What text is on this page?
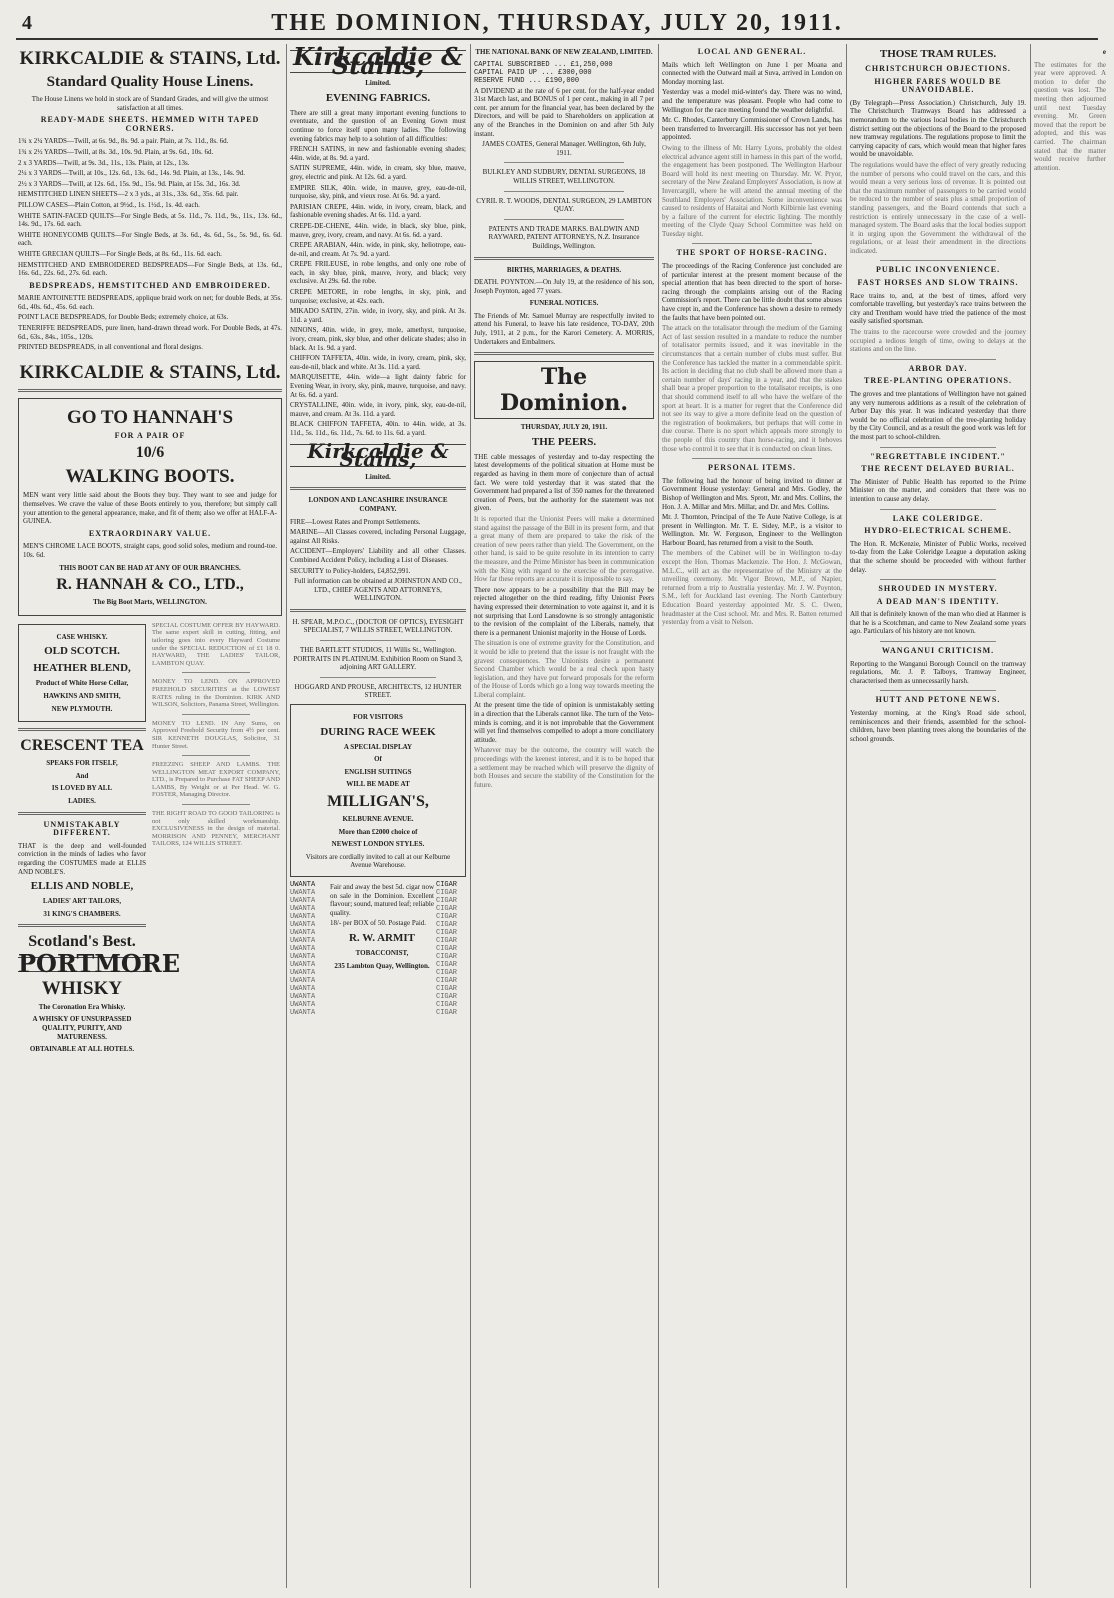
4	THE DOMINION, THURSDAY, JULY 20, 1911.
KIRKCALDIE & STAINS, Ltd.
Standard Quality House Linens.

The House Linens we hold in stock are of Standard Grades, and will give the utmost satisfaction at all times.

READY-MADE SHEETS. HEMMED WITH TAPED CORNERS.

1¾ x 2¼ YARDS—Twill, at 6s. 9d., 8s. 9d. a pair. Plain, at 7s. 11d., 8s. 6d.

1¾ x 2½ YARDS—Twill, at 8s. 3d., 10s. 9d. Plain, at 9s. 6d., 10s. 6d.

2 x 3 YARDS—Twill, at 9s. 3d., 11s., 13s. Plain, at 12s., 13s.

2¼ x 3 YARDS—Twill, at 10s., 12s. 6d., 13s. 6d., 14s. 9d. Plain, at 13s., 14s. 9d.

2½ x 3 YARDS—Twill, at 12s. 6d., 15s. 9d., 15s. 9d. Plain, at 15s. 3d., 16s. 3d.

HEMSTITCHED LINEN SHEETS—2 x 3 yds., at 31s., 33s. 6d., 35s. 6d. pair.

PILLOW CASES—Plain Cotton, at 9½d., 1s. 1½d., 1s. 4d. each.

WHITE SATIN-FACED QUILTS—For Single Beds, at 5s. 11d., 7s. 11d., 9s., 11s., 13s. 6d., 14s. 9d., 17s. 6d. each.

WHITE HONEYCOMB QUILTS—For Single Beds, at 3s. 6d., 4s. 6d., 5s., 5s. 9d., 6s. 6d. each.

WHITE GRECIAN QUILTS—For Single Beds, at 8s. 6d., 11s. 6d. each.

HEMSTITCHED AND EMBROIDERED BEDSPREADS—For Single Beds, at 13s. 6d., 16s. 6d., 22s. 6d., 27s. 6d. each.

BEDSPREADS, HEMSTITCHED AND EMBROIDERED.

MARIE ANTOINETTE BEDSPREADS, applique braid work on net; for double Beds, at 35s. 6d., 40s. 6d., 45s. 6d. each.

POINT LACE BEDSPREADS, for Double Beds; extremely choice, at 63s.

TENERIFFE BEDSPREADS, pure linen, hand-drawn thread work. For Double Beds, at 47s. 6d., 63s., 84s., 105s., 120s.

PRINTED BEDSPREADS, in all conventional and floral designs.

KIRKCALDIE & STAINS, Ltd.
GO TO HANNAH'S
FOR A PAIR OF
10/6
WALKING BOOTS.

MEN want very little said about the Boots they buy. They want to see and judge for themselves. We crave the value of these Boots entirely to you, therefore; but simply call your attention to the general appearance, make, and fit of them; also we offer at HALF-A-GUINEA.

EXTRAORDINARY VALUE.

MEN'S CHROME LACE BOOTS, straight caps, good solid soles, medium and round-toe. 10s. 6d.

THIS BOOT CAN BE HAD AT ANY OF OUR BRANCHES.
R. HANNAH & CO., LTD.,
The Big Boot Marts, WELLINGTON.
CASE WHISKY.
OLD SCOTCH.
HEATHER BLEND,
Product of White Horse Cellar,
HAWKINS AND SMITH,
NEW PLYMOUTH.
CRESCENT TEA
SPEAKS FOR ITSELF,
And
IS LOVED BY ALL
LADIES.
UNMISTAKABLY DIFFERENT.

THAT is the deep and well-founded conviction in the minds of ladies who favor regarding the COSTUMES made at ELLIS AND NOBLE'S.

ELLIS AND NOBLE,
LADIES' ART TAILORS,
31 KING'S CHAMBERS.
Scotland's Best.
PORTMORE
WHISKY
The Coronation Era Whisky.
A WHISKY OF UNSURPASSED QUALITY, PURITY, AND MATURENESS.
OBTAINABLE AT ALL HOTELS.

SPECIAL COSTUME OFFER BY HAYWARD. The same expert skill in cutting, fitting, and tailoring goes into every Hayward Costume under the SPECIAL REDUCTION of £1 18 0. HAYWARD, THE LADIES' TAILOR, LAMBTON QUAY.

MONEY TO LEND. ON APPROVED FREEHOLD SECURITIES at the LOWEST RATES ruling in the Dominion. KIRK AND WILSON, Solicitors, Panama Street, Wellington.

MONEY TO LEND. IN Any Sums, on Approved Freehold Security from 4½ per cent. SIR KENNETH DOUGLAS, Solicitor, 31 Hunter Street.

FREEZING SHEEP AND LAMBS. THE WELLINGTON MEAT EXPORT COMPANY, LTD., is Prepared to Purchase FAT SHEEP AND LAMBS, By Weight or at Per Head. W. G. FOSTER, Managing Director.

THE RIGHT ROAD TO GOOD TAILORING is not only skilled workmanship. EXCLUSIVENESS in the design of material. MORRISON AND PENNEY, MERCHANT TAILORS, 124 WILLIS STREET.

Kirkcaldie & Stains,
Limited.
EVENING FABRICS.

There are still a great many important evening functions to eventuate, and the question of an Evening Gown must continue to force itself upon many ladies. The following evening fabrics may help to a solution of all difficulties:

FRENCH SATINS, in new and fashionable evening shades; 44in. wide, at 8s. 9d. a yard.

SATIN SUPREME, 44in. wide, in cream, sky blue, mauve, grey, electric and pink. At 12s. 6d. a yard.

EMPIRE SILK, 40in. wide, in mauve, grey, eau-de-nil, turquoise, sky, pink, and vieux rose. At 6s. 9d. a yard.

PARISIAN CREPE, 44in. wide, in ivory, cream, black, and fashionable evening shades. At 6s. 11d. a yard.

CREPE-DE-CHENE, 44in. wide, in black, sky blue, pink, mauve, grey, ivory, cream, and navy. At 6s. 6d. a yard.

CREPE ARABIAN, 44in. wide, in pink, sky, heliotrope, eau-de-nil, and cream. At 7s. 9d. a yard.

CREPE FRILEUSE, in robe lengths, and only one robe of each, in sky blue, pink, mauve, ivory, and black; very exclusive. At 29s. 6d. the robe.

CREPE METORE, in robe lengths, in sky, pink, and turquoise; exclusive, at 42s. each.

MIKADO SATIN, 27in. wide, in ivory, sky, and pink. At 3s. 11d. a yard.

NINONS, 40in. wide, in grey, mole, amethyst, turquoise, ivory, cream, pink, sky blue, and other delicate shades; also in black. At 1s. 9d. a yard.

CHIFFON TAFFETA, 40in. wide, in ivory, cream, pink, sky, eau-de-nil, black and white. At 3s. 11d. a yard.

MARQUISETTE, 44in. wide—a light dainty fabric for Evening Wear, in ivory, sky, pink, mauve, turquoise, and navy. At 6s. 6d. a yard.

CRYSTALLINE, 40in. wide, in ivory, pink, sky, eau-de-nil, mauve, and cream. At 3s. 11d. a yard.

BLACK CHIFFON TAFFETA, 40in. to 44in. wide, at 3s. 11d., 5s. 11d., 6s. 11d., 7s. 6d. to 11s. 6d. a yard.

Kirkcaldie & Stains,
Limited.
LONDON AND LANCASHIRE INSURANCE COMPANY.

FIRE—Lowest Rates and Prompt Settlements.

MARINE—All Classes covered, including Personal Luggage, against All Risks.

ACCIDENT—Employers' Liability and all other Classes. Combined Accident Policy, including a List of Diseases.

SECURITY to Policy-holders, £4,852,991.

Full information can be obtained at JOHNSTON AND CO., LTD., CHIEF AGENTS AND ATTORNEYS, WELLINGTON.

H. SPEAR, M.P.O.C., (DOCTOR OF OPTICS), EYESIGHT SPECIALIST, 7 WILLIS STREET, WELLINGTON.

THE BARTLETT STUDIOS, 11 Willis St., Wellington. PORTRAITS IN PLATINUM. Exhibition Room on Stand 3, adjoining ART GALLERY.

HOGGARD AND PROUSE, ARCHITECTS, 12 HUNTER STREET.

FOR VISITORS
DURING RACE WEEK
A SPECIAL DISPLAY
Of
ENGLISH SUITINGS
WILL BE MADE AT
MILLIGAN'S,
KELBURNE AVENUE.
More than £2000 choice of
NEWEST LONDON STYLES.

Visitors are cordially invited to call at our Kelburne Avenue Warehouse.

UWANTA
UWANTA
UWANTA
UWANTA
UWANTA
UWANTA
UWANTA
UWANTA
UWANTA
UWANTA
UWANTA
UWANTA
UWANTA
UWANTA
UWANTA
UWANTA
UWANTA

Fair and away the best 5d. cigar now on sale in the Dominion. Excellent flavour; sound, matured leaf; reliable quality.

18/- per BOX of 50. Postage Paid.

R. W. ARMIT
TOBACCONIST,
235 Lambton Quay, Wellington.
CIGAR
CIGAR
CIGAR
CIGAR
CIGAR
CIGAR
CIGAR
CIGAR
CIGAR
CIGAR
CIGAR
CIGAR
CIGAR
CIGAR
CIGAR
CIGAR
CIGAR
THE NATIONAL BANK OF NEW ZEALAND, LIMITED.
CAPITAL SUBSCRIBED ... £1,250,000
CAPITAL PAID UP ... £300,000
RESERVE FUND ... £190,000

A DIVIDEND at the rate of 6 per cent. for the half-year ended 31st March last, and BONUS of 1 per cent., making in all 7 per cent. per annum for the financial year, has been declared by the Directors, and will be paid to Shareholders on application at any of the Branches in the Dominion on and after 5th July instant.

JAMES COATES, General Manager. Wellington, 6th July, 1911.

BULKLEY AND SUDBURY, DENTAL SURGEONS, 18 WILLIS STREET, WELLINGTON.

CYRIL R. T. WOODS, DENTAL SURGEON, 29 LAMBTON QUAY.

PATENTS AND TRADE MARKS. BALDWIN AND RAYWARD, PATENT ATTORNEYS, N.Z. Insurance Buildings, Wellington.

BIRTHS, MARRIAGES, & DEATHS.

DEATH. POYNTON.—On July 19, at the residence of his son, Joseph Poynton, aged 77 years.

FUNERAL NOTICES.

The Friends of Mr. Samuel Murray are respectfully invited to attend his Funeral, to leave his late residence, TO-DAY, 20th July, 1911, at 2 p.m., for the Karori Cemetery. A. MORRIS, Undertakers and Embalmers.

The Dominion.
THURSDAY, JULY 20, 1911.
THE PEERS.

THE cable messages of yesterday and to-day respecting the latest developments of the political situation at Home must be regarded as having in them more of conjecture than of actual fact. We were told yesterday that it was stated that the Government had prepared a list of 350 names for the threatened creation of Peers, but the authority for the statement was not given.

It is reported that the Unionist Peers will make a determined stand against the passage of the Bill in its present form, and that a great many of them are prepared to take the risk of the creation of new peers rather than yield. The Government, on the other hand, is said to be quite resolute in its intention to carry the measure, and the Prime Minister has been in communication with the King with regard to the exercise of the prerogative. How far these reports are accurate it is impossible to say.

There now appears to be a possibility that the Bill may be rejected altogether on the third reading, fifty Unionist Peers having expressed their determination to vote against it, and it is not surprising that Lord Lansdowne is so strongly antagonistic to the revision of the complaint of the Liberals, namely, that there is a permanent Unionist majority in the House of Lords.

The situation is one of extreme gravity for the Constitution, and it would be idle to pretend that the issue is not fraught with the gravest consequences. The Unionists desire a permanent Second Chamber which would be a real check upon hasty legislation, and they have put forward proposals for the reform of the House of Lords which go a long way towards meeting the Liberal complaint.

At the present time the tide of opinion is unmistakably setting in a direction that the Liberals cannot like. The turn of the Veto-minds is coming, and it is not improbable that the Government will yet find themselves compelled to adopt a more conciliatory attitude.

Whatever may be the outcome, the country will watch the proceedings with the keenest interest, and it is to be hoped that a settlement may be reached which will preserve the dignity of both Houses and secure the stability of the Constitution for the future.

LOCAL AND GENERAL.

Mails which left Wellington on June 1 per Moana and connected with the Outward mail at Suva, arrived in London on Monday morning last.

Yesterday was a model mid-winter's day. There was no wind, and the temperature was pleasant. People who had come to Wellington for the race meeting found the weather delightful.

Mr. C. Rhodes, Canterbury Commissioner of Crown Lands, has been transferred to Invercargill. His successor has not yet been appointed.

Owing to the illness of Mr. Harry Lyons, probably the oldest electrical advance agent still in harness in this part of the world, the engagement has been postponed. The Wellington Harbour Board will hold its next meeting on Thursday. Mr. W. Pryor, secretary of the New Zealand Employers' Association, is now at Invercargill, where he will attend the annual meeting of the Southland Employers' Association. Some inconvenience was caused to residents of Hataitai and North Kilbirnie last evening by a failure of the current for electric lighting. The monthly meeting of the Clyde Quay School Committee was held on Tuesday night.

THE SPORT OF HORSE-RACING.

The proceedings of the Racing Conference just concluded are of particular interest at the present moment because of the special attention that has been directed to the sport of horse-racing through the complaints arising out of the Racing Commission's report. There can be little doubt that some abuses have crept in, and the Conference has shown a desire to remedy the faults that have been pointed out.

The attack on the totalisator through the medium of the Gaming Act of last session resulted in a mandate to reduce the number of totalisator permits issued, and it was inevitable in the circumstances that a certain number of clubs must suffer. But the Conference has tackled the matter in a commendable spirit. Its action in deciding that no club shall be allowed more than a certain number of days' racing in a year, and that the stakes shall bear a proper proportion to the totalisator receipts, is one that should commend itself to all who have the welfare of the sport at heart. It is a matter for regret that the Conference did not see its way to give a more definite lead on the question of the registration of bookmakers, but perhaps that will come in due course. There is no sport which appeals more strongly to the people of this country than horse-racing, and it behoves those who control it to see that it is conducted on clean lines.

PERSONAL ITEMS.

The following had the honour of being invited to dinner at Government House yesterday: General and Mrs. Godley, the Bishop of Wellington and Mrs. Sprott, Mr. and Mrs. Collins, the Hon. J. A. Millar and Mrs. Millar, and Dr. and Mrs. Collins.

Mr. J. Thornton, Principal of the Te Aute Native College, is at present in Wellington. Mr. T. E. Sidey, M.P., is a visitor to Wellington. Mr. W. Ferguson, Engineer to the Wellington Harbour Board, has returned from a visit to the South.

The members of the Cabinet will be in Wellington to-day except the Hon. Thomas Mackenzie. The Hon. J. McGowan, M.L.C., will act as the representative of the Ministry at the unveiling ceremony. Mr. Vigor Brown, M.P., of Napier, returned from a trip to Australia yesterday. Mr. J. W. Poynton, S.M., left for Auckland last evening. The North Canterbury Education Board yesterday appointed Mr. S. C. Owen, headmaster at the Cust school. Mr. and Mrs. R. Batten returned yesterday from a visit to Nelson.

THOSE TRAM RULES.
CHRISTCHURCH OBJECTIONS.
HIGHER FARES WOULD BE UNAVOIDABLE.

(By Telegraph—Press Association.) Christchurch, July 19. The Christchurch Tramways Board has addressed a memorandum to the various local bodies in the Christchurch district setting out the objections of the Board to the proposed new tramway regulations. The regulations propose to limit the carrying capacity of cars, which would mean that higher fares would be unavoidable.

The regulations would have the effect of very greatly reducing the number of persons who could travel on the cars, and this would mean a very serious loss of revenue. It is pointed out that the maximum number of passengers to be carried would be reduced to the number of seats plus a small proportion of standing passengers, and the Board contends that such a restriction is entirely unnecessary in the case of a well-managed system. The Board asks that the local bodies support it in urging upon the Government the withdrawal of the regulations, or at least their amendment in the directions indicated.

PUBLIC INCONVENIENCE.
FAST HORSES AND SLOW TRAINS.

Race trains to, and, at the best of times, afford very comfortable travelling, but yesterday's race trains between the city and Trentham would have tried the patience of the most easily satisfied sportsman.

The trains to the racecourse were crowded and the journey occupied a tedious length of time, owing to delays at the stations and on the line.

ARBOR DAY.
TREE-PLANTING OPERATIONS.

The groves and tree plantations of Wellington have not gained any very numerous additions as a result of the celebration of Arbor Day this year. It was indicated yesterday that there would be no official celebration of the tree-planting holiday by the City Council, and as a result the good work was left for the most part to school-children.

"REGRETTABLE INCIDENT."
THE RECENT DELAYED BURIAL.

The Minister of Public Health has reported to the Prime Minister on the matter, and considers that there was no intention to cause any delay.

LAKE COLERIDGE.
HYDRO-ELECTRICAL SCHEME.

The Hon. R. McKenzie, Minister of Public Works, received to-day from the Lake Coleridge League a deputation asking that the scheme should be proceeded with without further delay.

SHROUDED IN MYSTERY.
A DEAD MAN'S IDENTITY.

All that is definitely known of the man who died at Hanmer is that he is a Scotchman, and came to New Zealand some years ago. Particulars of his history are not known.

WANGANUI CRITICISM.

Reporting to the Wanganui Borough Council on the tramway regulations, Mr. J. P. Talboys, Tramway Engineer, characterised them as unnecessarily harsh.

HUTT AND PETONE NEWS.

Yesterday morning, at the King's Road side school, reminiscences and their friends, assembled for the school-children, have been planting trees along the boundaries of the school grounds.

e

The estimates for the year were approved. A motion to defer the question was lost. The meeting then adjourned until next Tuesday evening. Mr. Green moved that the report be adopted, and this was carried. The chairman stated that the matter would receive further attention.
